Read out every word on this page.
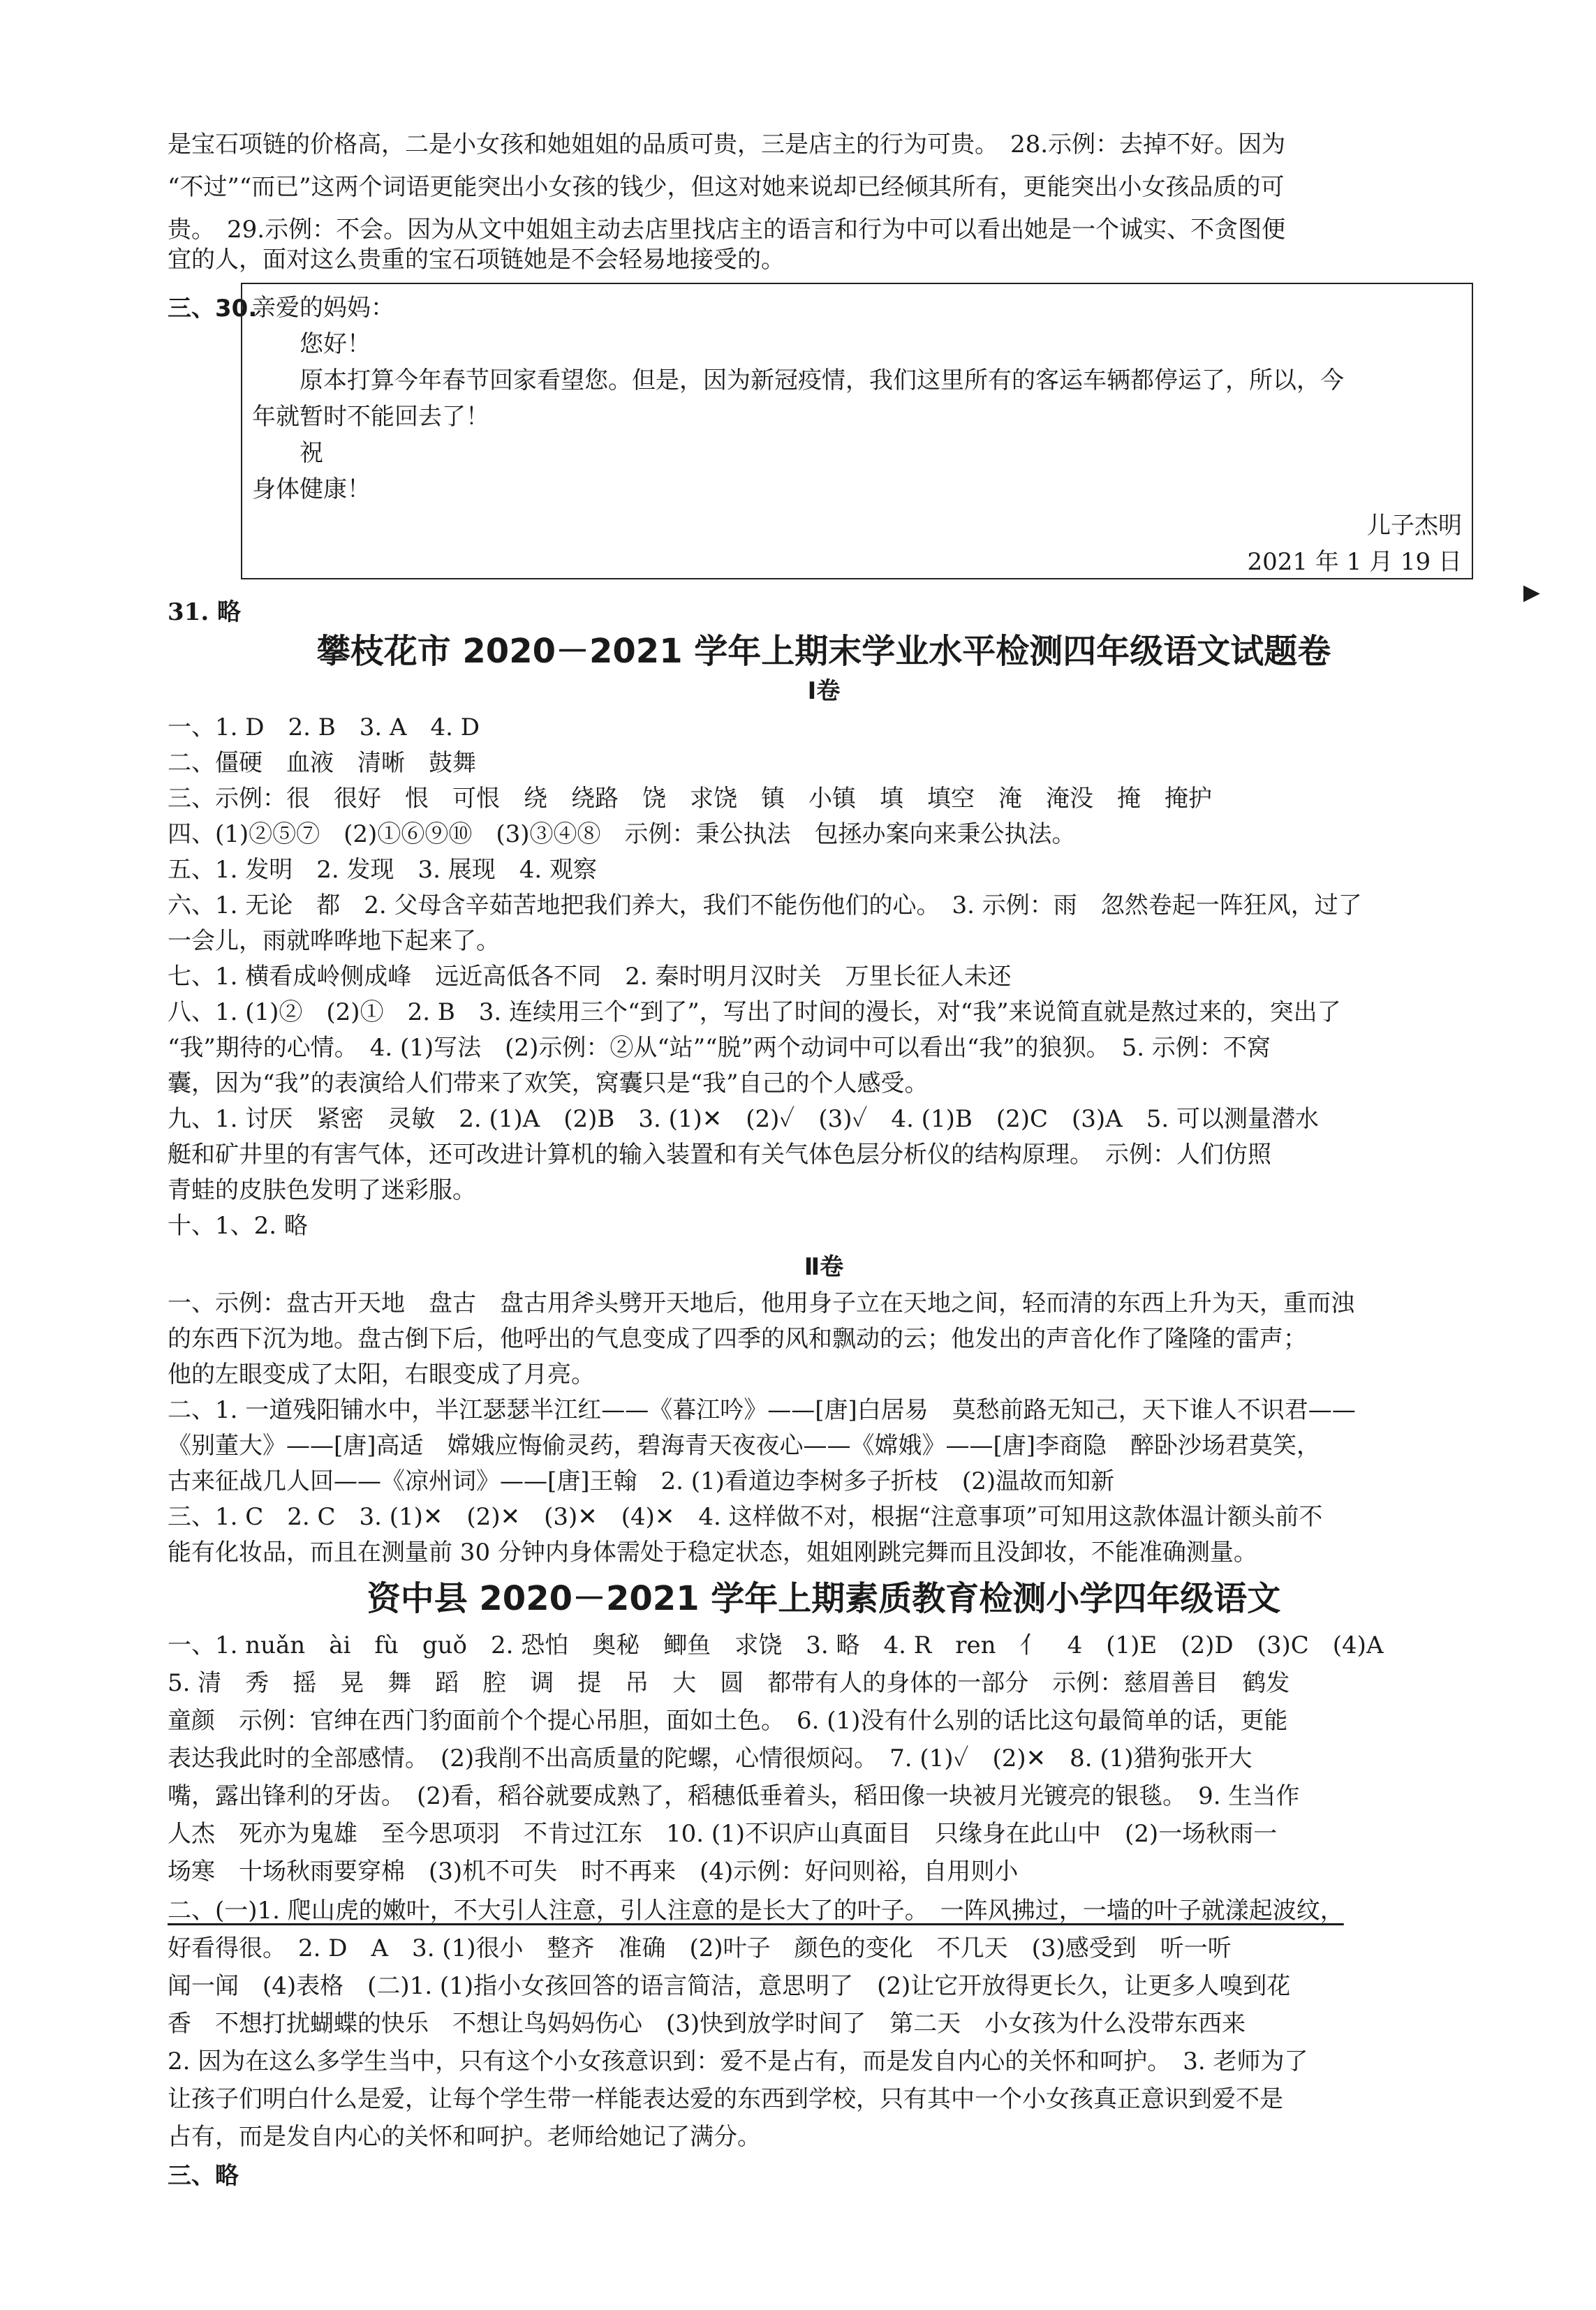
是宝石项链的价格高，二是小女孩和她姐姐的品质可贵，三是店主的行为可贵。　28.示例：去掉不好。因为

“不过”“而已”这两个词语更能突出小女孩的钱少，但这对她来说却已经倾其所有，更能突出小女孩品质的可

贵。　29.示例：不会。因为从文中姐姐主动去店里找店主的语言和行为中可以看出她是一个诚实、不贪图便

宜的人，面对这么贵重的宝石项链她是不会轻易地接受的。

三、30.

亲爱的妈妈：

您好！

原本打算今年春节回家看望您。但是，因为新冠疫情，我们这里所有的客运车辆都停运了，所以，今

年就暂时不能回去了！

祝

身体健康！

儿子杰明

2021 年 1 月 19 日

31. 略

攀枝花市 2020－2021 学年上期末学业水平检测四年级语文试题卷
Ⅰ卷

一、1. D　2. B　3. A　4. D

二、僵硬　血液　清晰　鼓舞

三、示例：很　很好　恨　可恨　绕　绕路　饶　求饶　镇　小镇　填　填空　淹　淹没　掩　掩护

四、(1)②⑤⑦　(2)①⑥⑨⑩　(3)③④⑧　示例：秉公执法　包拯办案向来秉公执法。

五、1. 发明　2. 发现　3. 展现　4. 观察

六、1. 无论　都　2. 父母含辛茹苦地把我们养大，我们不能伤他们的心。　3. 示例：雨　忽然卷起一阵狂风，过了

一会儿，雨就哗哗地下起来了。

七、1. 横看成岭侧成峰　远近高低各不同　2. 秦时明月汉时关　万里长征人未还

八、1. (1)②　(2)①　2. B　3. 连续用三个“到了”，写出了时间的漫长，对“我”来说简直就是熬过来的，突出了

“我”期待的心情。　4. (1)写法　(2)示例：②从“站”“脱”两个动词中可以看出“我”的狼狈。　5. 示例：不窝

囊，因为“我”的表演给人们带来了欢笑，窝囊只是“我”自己的个人感受。

九、1. 讨厌　紧密　灵敏　2. (1)A　(2)B　3. (1)✕　(2)✓　(3)✓　4. (1)B　(2)C　(3)A　5. 可以测量潜水

艇和矿井里的有害气体，还可改进计算机的输入装置和有关气体色层分析仪的结构原理。　示例：人们仿照

青蛙的皮肤色发明了迷彩服。

十、1、2. 略

Ⅱ卷

一、示例：盘古开天地　盘古　盘古用斧头劈开天地后，他用身子立在天地之间，轻而清的东西上升为天，重而浊

的东西下沉为地。盘古倒下后，他呼出的气息变成了四季的风和飘动的云；他发出的声音化作了隆隆的雷声；

他的左眼变成了太阳，右眼变成了月亮。

二、1. 一道残阳铺水中，半江瑟瑟半江红——《暮江吟》——[唐]白居易　莫愁前路无知己，天下谁人不识君——

《别董大》——[唐]高适　嫦娥应悔偷灵药，碧海青天夜夜心——《嫦娥》——[唐]李商隐　醉卧沙场君莫笑，

古来征战几人回——《凉州词》——[唐]王翰　2. (1)看道边李树多子折枝　(2)温故而知新

三、1. C　2. C　3. (1)✕　(2)✕　(3)✕　(4)✕　4. 这样做不对，根据“注意事项”可知用这款体温计额头前不

能有化妆品，而且在测量前 30 分钟内身体需处于稳定状态，姐姐刚跳完舞而且没卸妆，不能准确测量。

资中县 2020－2021 学年上期素质教育检测小学四年级语文

一、1. nuǎn　ài　fù　guǒ　2. 恐怕　奥秘　鲫鱼　求饶　3. 略　4. R　ren　亻　4　(1)E　(2)D　(3)C　(4)A

5. 清　秀　摇　晃　舞　蹈　腔　调　提　吊　大　圆　都带有人的身体的一部分　示例：慈眉善目　鹤发

童颜　示例：官绅在西门豹面前个个提心吊胆，面如土色。　6. (1)没有什么别的话比这句最简单的话，更能

表达我此时的全部感情。　(2)我削不出高质量的陀螺，心情很烦闷。　7. (1)✓　(2)✕　8. (1)猎狗张开大

嘴，露出锋利的牙齿。　(2)看，稻谷就要成熟了，稻穗低垂着头，稻田像一块被月光镀亮的银毯。　9. 生当作

人杰　死亦为鬼雄　至今思项羽　不肯过江东　10. (1)不识庐山真面目　只缘身在此山中　(2)一场秋雨一

场寒　十场秋雨要穿棉　(3)机不可失　时不再来　(4)示例：好问则裕，自用则小

二、(一)1. 爬山虎的嫩叶，不大引人注意，引人注意的是长大了的叶子。　一阵风拂过，一墙的叶子就漾起波纹，

好看得很。　2. D　A　3. (1)很小　整齐　准确　(2)叶子　颜色的变化　不几天　(3)感受到　听一听

闻一闻　(4)表格　(二)1. (1)指小女孩回答的语言简洁，意思明了　(2)让它开放得更长久，让更多人嗅到花

香　不想打扰蝴蝶的快乐　不想让鸟妈妈伤心　(3)快到放学时间了　第二天　小女孩为什么没带东西来

2. 因为在这么多学生当中，只有这个小女孩意识到：爱不是占有，而是发自内心的关怀和呵护。　3. 老师为了

让孩子们明白什么是爱，让每个学生带一样能表达爱的东西到学校，只有其中一个小女孩真正意识到爱不是

占有，而是发自内心的关怀和呵护。老师给她记了满分。

三、略

▸
